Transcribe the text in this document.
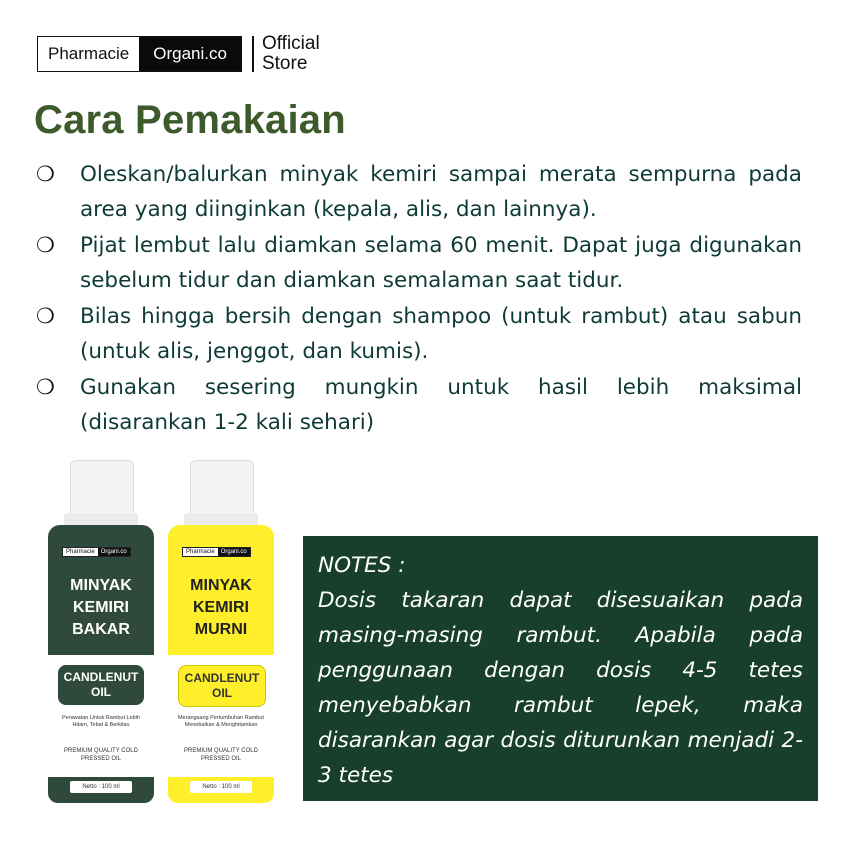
Pharmacie	Organi.co	Official
Store
Cara Pemakaian
❍	Oleskan/balurkan minyak kemiri sampai merata sempurna pada area yang diinginkan (kepala, alis, dan lainnya).
❍	Pijat lembut lalu diamkan selama 60 menit. Dapat juga digunakan sebelum tidur dan diamkan semalaman saat tidur.
❍	Bilas hingga bersih dengan shampoo (untuk rambut) atau sabun (untuk alis, jenggot, dan kumis).
❍	Gunakan sesering mungkin untuk hasil lebih maksimal (disarankan 1-2 kali sehari)
Pharmacie	Organi.co
MINYAK KEMIRI BAKAR
CANDLENUT OIL
Perawatan Untuk Rambut Lebih Hitam, Tebal & Berkilau
PREMIUM QUALITY COLD PRESSED OIL
Netto : 100 ml
Pharmacie	Organi.co
MINYAK KEMIRI MURNI
CANDLENUT OIL
Merangsang Pertumbuhan Rambut Menebalkan & Menghitamkan
PREMIUM QUALITY COLD PRESSED OIL
Netto : 100 ml
NOTES :
Dosis takaran dapat disesuaikan pada masing-masing rambut. Apabila pada penggunaan dengan dosis 4-5 tetes menyebabkan rambut lepek, maka disarankan agar dosis diturunkan menjadi 2-3 tetes
